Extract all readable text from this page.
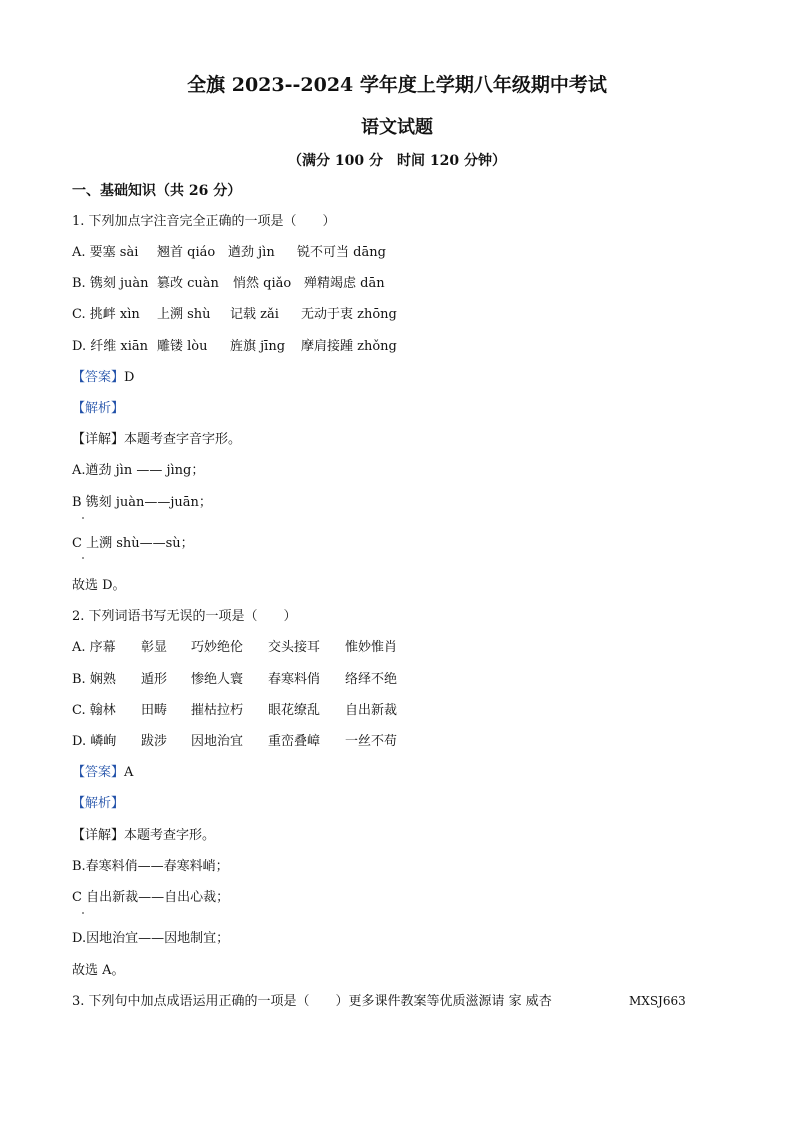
全旗 2023--2024 学年度上学期八年级期中考试
语文试题
（满分 100 分　时间 120 分钟）
一、基础知识（共 26 分）
1. 下列加点字注音完全正确的一项是（　　）
A. 要塞 sài 翘首 qiáo 遒劲 jìn 锐不可当 dāng
B. 镌刻 juàn 篡改 cuàn 悄然 qiǎo 殚精竭虑 dān
C. 挑衅 xìn 上溯 shù 记载 zǎi 无动于衷 zhōng
D. 纤维 xiān 雕镂 lòu 旌旗 jīng 摩肩接踵 zhǒng
【答案】D
【解析】
【详解】本题考查字音字形。
A.遒劲 jìn —— jìng；
B 镌刻 juàn——juān；
C 上溯 shù——sù；
故选 D。
2. 下列词语书写无误的一项是（　　）
A. 序幕 彰显 巧妙绝伦 交头接耳 惟妙惟肖
B. 娴熟 遁形 惨绝人寰 春寒料俏 络绎不绝
C. 翰林 田畴 摧枯拉朽 眼花缭乱 自出新裁
D. 嶙峋 跋涉 因地治宜 重峦叠嶂 一丝不苟
【答案】A
【解析】
【详解】本题考查字形。
B.春寒料俏——春寒料峭；
C 自出新裁——自出心裁；
D.因地治宜——因地制宜；
故选 A。
3. 下列句中加点成语运用正确的一项是（　　）更多课件教案等优质滋源请 家 威杏	MXSJ663
